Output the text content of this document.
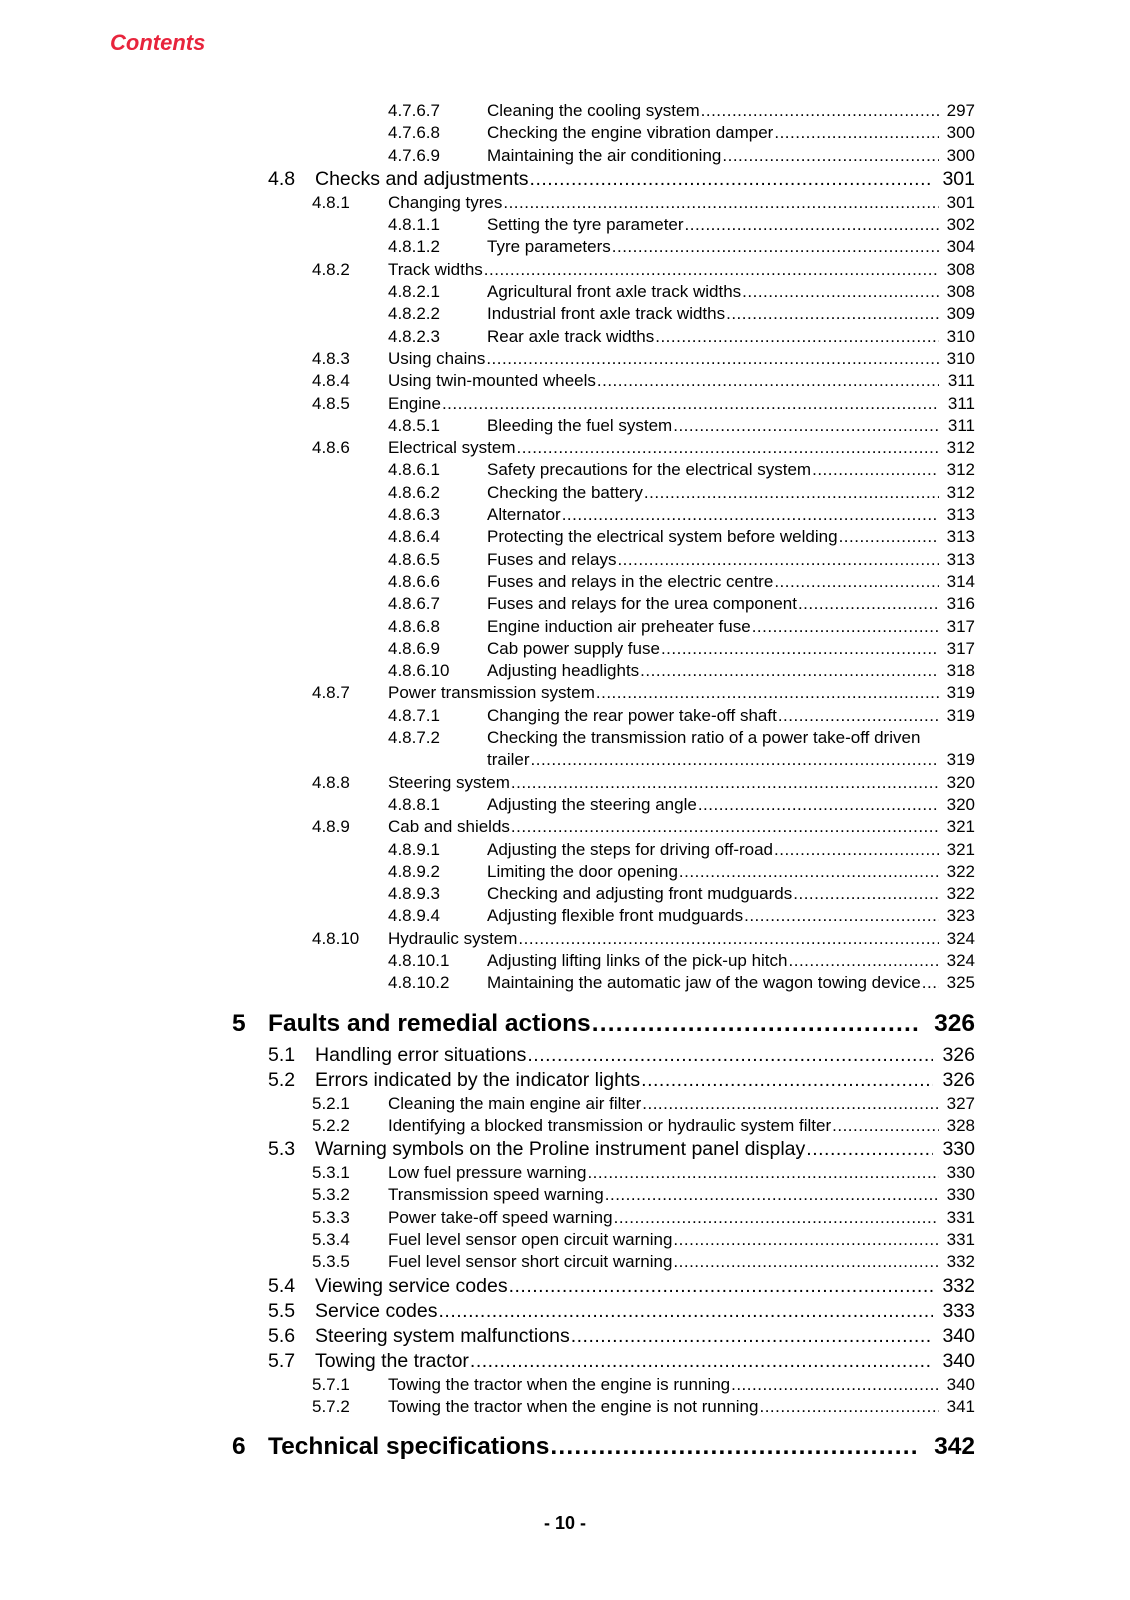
Contents
4.7.6.7	Cleaning the cooling system .....	297
4.7.6.8	Checking the engine vibration damper .....	300
4.7.6.9	Maintaining the air conditioning .....	300
4.8	Checks and adjustments .....	301
4.8.1	Changing tyres .....	301
4.8.1.1	Setting the tyre parameter .....	302
4.8.1.2	Tyre parameters .....	304
4.8.2	Track widths .....	308
4.8.2.1	Agricultural front axle track widths .....	308
4.8.2.2	Industrial front axle track widths .....	309
4.8.2.3	Rear axle track widths .....	310
4.8.3	Using chains .....	310
4.8.4	Using twin-mounted wheels .....	311
4.8.5	Engine .....	311
4.8.5.1	Bleeding the fuel system .....	311
4.8.6	Electrical system .....	312
4.8.6.1	Safety precautions for the electrical system .....	312
4.8.6.2	Checking the battery .....	312
4.8.6.3	Alternator .....	313
4.8.6.4	Protecting the electrical system before welding .....	313
4.8.6.5	Fuses and relays .....	313
4.8.6.6	Fuses and relays in the electric centre .....	314
4.8.6.7	Fuses and relays for the urea component .....	316
4.8.6.8	Engine induction air preheater fuse .....	317
4.8.6.9	Cab power supply fuse .....	317
4.8.6.10	Adjusting headlights .....	318
4.8.7	Power transmission system .....	319
4.8.7.1	Changing the rear power take-off shaft .....	319
4.8.7.2	Checking the transmission ratio of a power take-off driven
trailer .....	319
4.8.8	Steering system .....	320
4.8.8.1	Adjusting the steering angle .....	320
4.8.9	Cab and shields .....	321
4.8.9.1	Adjusting the steps for driving off-road .....	321
4.8.9.2	Limiting the door opening .....	322
4.8.9.3	Checking and adjusting front mudguards .....	322
4.8.9.4	Adjusting flexible front mudguards .....	323
4.8.10	Hydraulic system .....	324
4.8.10.1	Adjusting lifting links of the pick-up hitch .....	324
4.8.10.2	Maintaining the automatic jaw of the wagon towing device .....	325
5 Faults and remedial actions .....	326
5.1	Handling error situations .....	326
5.2	Errors indicated by the indicator lights .....	326
5.2.1	Cleaning the main engine air filter .....	327
5.2.2	Identifying a blocked transmission or hydraulic system filter .....	328
5.3	Warning symbols on the Proline instrument panel display .....	330
5.3.1	Low fuel pressure warning .....	330
5.3.2	Transmission speed warning .....	330
5.3.3	Power take-off speed warning .....	331
5.3.4	Fuel level sensor open circuit warning .....	331
5.3.5	Fuel level sensor short circuit warning .....	332
5.4	Viewing service codes .....	332
5.5	Service codes .....	333
5.6	Steering system malfunctions .....	340
5.7	Towing the tractor .....	340
5.7.1	Towing the tractor when the engine is running .....	340
5.7.2	Towing the tractor when the engine is not running .....	341
6 Technical specifications .....	342
- 10 -
